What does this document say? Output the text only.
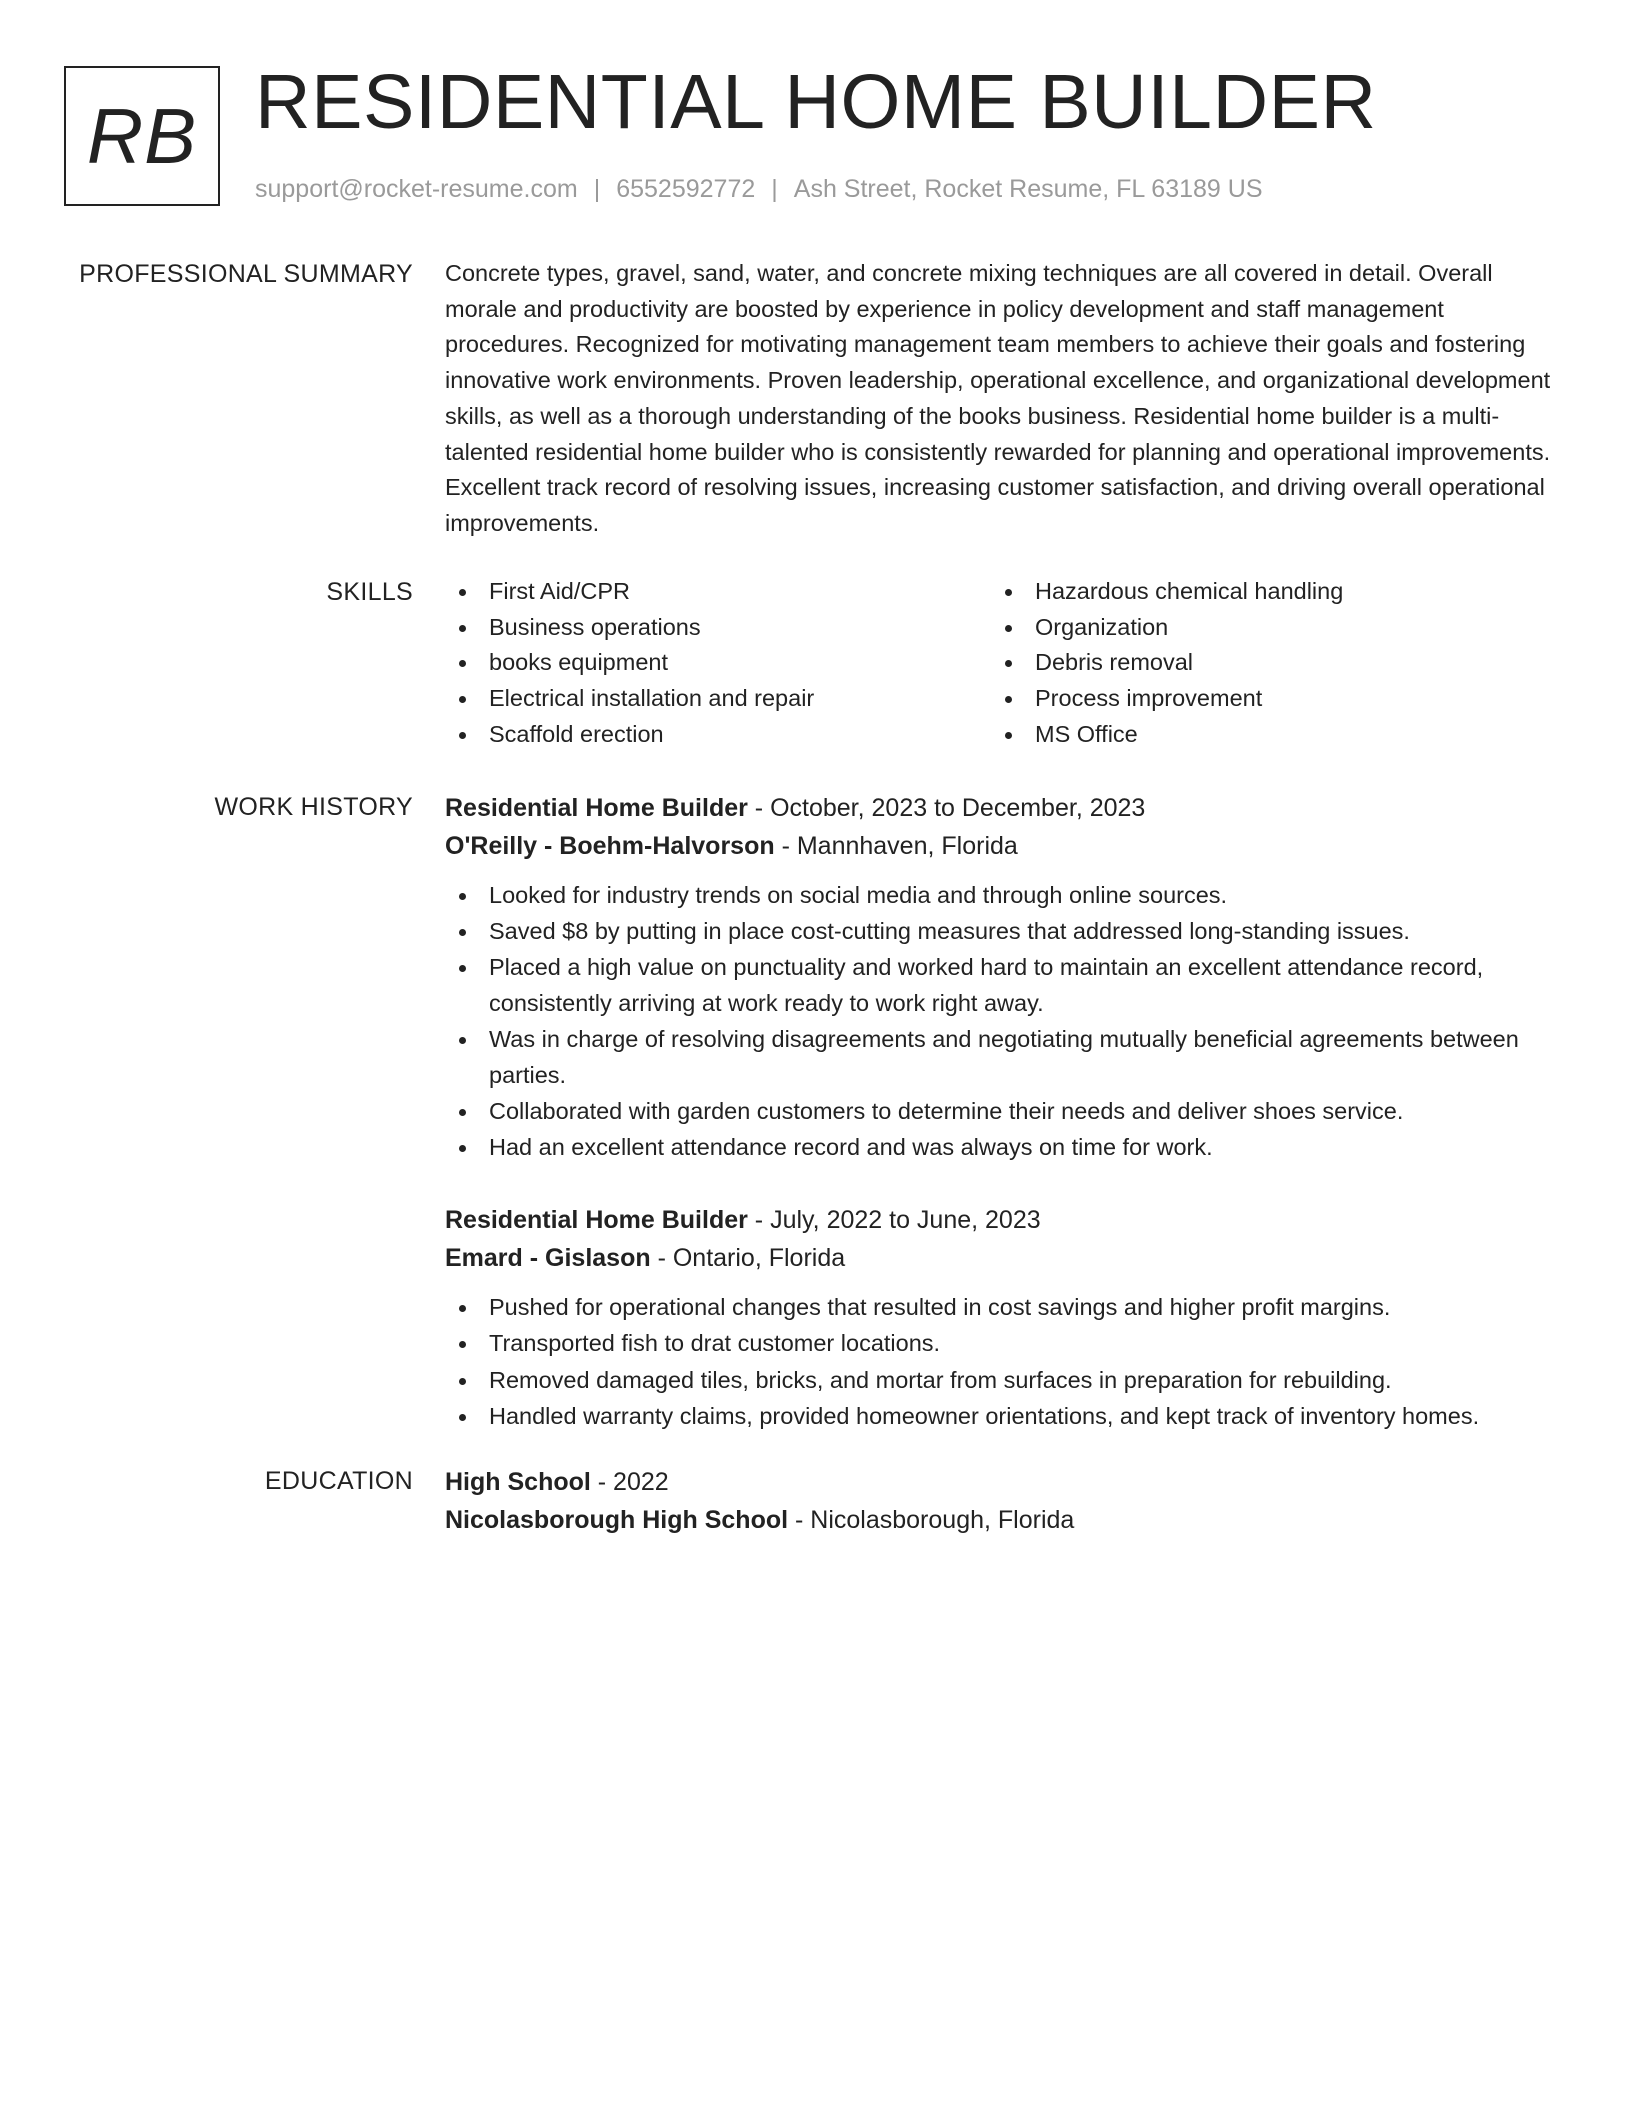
RB RESIDENTIAL HOME BUILDER
support@rocket-resume.com | 6552592772 | Ash Street, Rocket Resume, FL 63189 US
PROFESSIONAL SUMMARY Concrete types, gravel, sand, water, and concrete mixing techniques are all covered in detail. Overall morale and productivity are boosted by experience in policy development and staff management procedures. Recognized for motivating management team members to achieve their goals and fostering innovative work environments. Proven leadership, operational excellence, and organizational development skills, as well as a thorough understanding of the books business. Residential home builder is a multi-talented residential home builder who is consistently rewarded for planning and operational improvements. Excellent track record of resolving issues, increasing customer satisfaction, and driving overall operational improvements.

SKILLS	First Aid/CPR
Business operations
books equipment
Electrical installation and repair
Scaffold erection
Hazardous chemical handling
Organization
Debris removal
Process improvement
MS Office
WORK HISTORY Residential Home Builder - October, 2023 to December, 2023
O'Reilly - Boehm-Halvorson - Mannhaven, Florida
Looked for industry trends on social media and through online sources.
Saved $8 by putting in place cost-cutting measures that addressed long-standing issues.
Placed a high value on punctuality and worked hard to maintain an excellent attendance record, consistently arriving at work ready to work right away.
Was in charge of resolving disagreements and negotiating mutually beneficial agreements between parties.
Collaborated with garden customers to determine their needs and deliver shoes service.
Had an excellent attendance record and was always on time for work.
Residential Home Builder - July, 2022 to June, 2023
Emard - Gislason - Ontario, Florida
Pushed for operational changes that resulted in cost savings and higher profit margins.
Transported fish to drat customer locations.
Removed damaged tiles, bricks, and mortar from surfaces in preparation for rebuilding.
Handled warranty claims, provided homeowner orientations, and kept track of inventory homes.
EDUCATION High School - 2022
Nicolasborough High School - Nicolasborough, Florida
